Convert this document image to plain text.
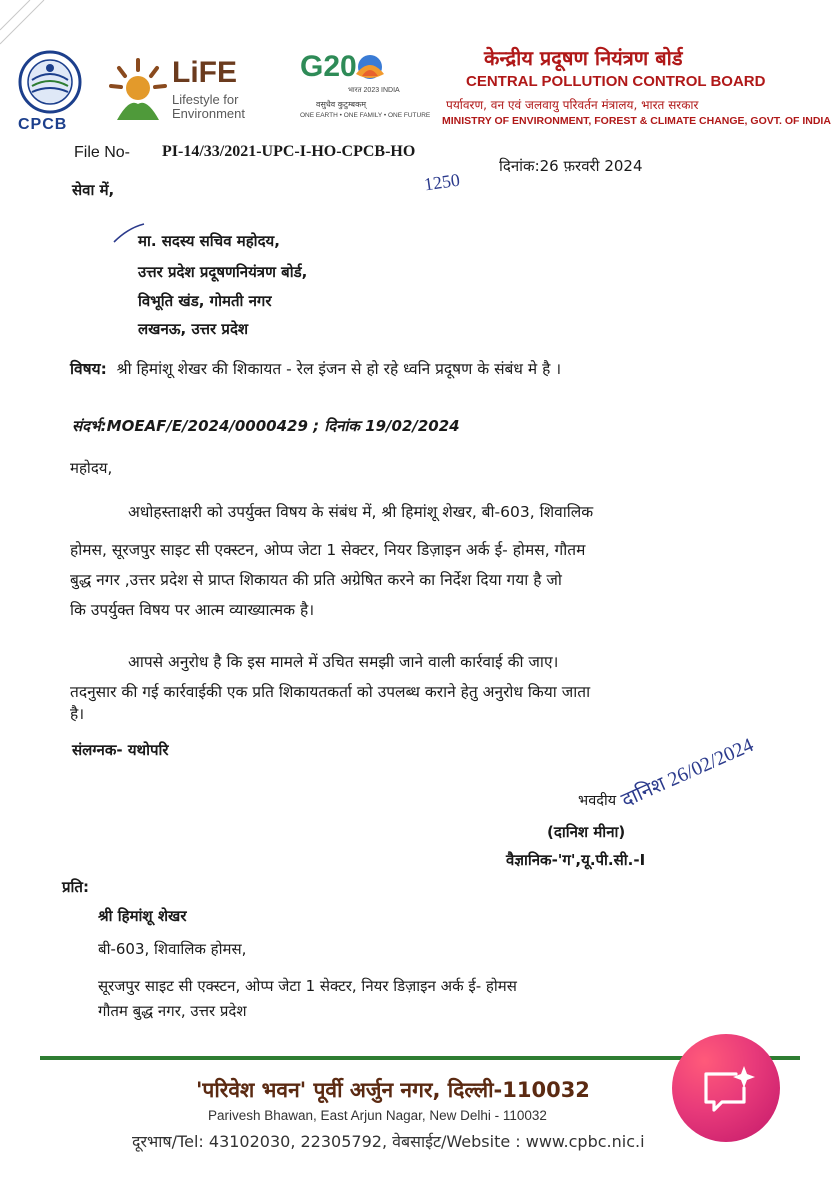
CPCB
LiFE
Lifestyle for
Environment
G20
भारत 2023 INDIA
वसुधैव कुटुम्बकम्
ONE EARTH • ONE FAMILY • ONE FUTURE
केन्द्रीय प्रदूषण नियंत्रण बोर्ड
CENTRAL POLLUTION CONTROL BOARD
पर्यावरण, वन एवं जलवायु परिवर्तन मंत्रालय, भारत सरकार
MINISTRY OF ENVIRONMENT, FOREST & CLIMATE CHANGE, GOVT. OF INDIA
File No- PI-14/33/2021-UPC-I-HO-CPCB-HO
दिनांक:26 फ़रवरी 2024
1250
सेवा में,
मा. सदस्य सचिव महोदय,
उत्तर प्रदेश प्रदूषणनियंत्रण बोर्ड,
विभूति खंड, गोमती नगर
लखनऊ, उत्तर प्रदेश
विषय: श्री हिमांशू शेखर की शिकायत - रेल इंजन से हो रहे ध्वनि प्रदूषण के संबंध मे है ।
संदर्भ:MOEAF/E/2024/0000429 ; दिनांक 19/02/2024
महोदय,
अधोहस्ताक्षरी को उपर्युक्त विषय के संबंध में, श्री हिमांशू शेखर, बी-603, शिवालिक
होमस, सूरजपुर साइट सी एक्स्टन, ओप्प जेटा 1 सेक्टर, नियर डिज़ाइन अर्क ई- होमस, गौतम
बुद्ध नगर ,उत्तर प्रदेश से प्राप्त शिकायत की प्रति अग्रेषित करने का निर्देश दिया गया है जो
कि उपर्युक्त विषय पर आत्म व्याख्यात्मक है।
आपसे अनुरोध है कि इस मामले में उचित समझी जाने वाली कार्रवाई की जाए।
तदनुसार की गई कार्रवाईकी एक प्रति शिकायतकर्ता को उपलब्ध कराने हेतु अनुरोध किया जाता
है।
संलग्नक- यथोपरि	दानिश 26/02/2024
भवदीय
(दानिश मीना)
वैज्ञानिक-'ग',यू.पी.सी.-I
प्रति:
श्री हिमांशू शेखर
बी-603, शिवालिक होमस,
सूरजपुर साइट सी एक्स्टन, ओप्प जेटा 1 सेक्टर, नियर डिज़ाइन अर्क ई- होमस
गौतम बुद्ध नगर, उत्तर प्रदेश
'परिवेश भवन' पूर्वी अर्जुन नगर, दिल्ली-110032
Parivesh Bhawan, East Arjun Nagar, New Delhi - 110032
दूरभाष/Tel: 43102030, 22305792, वेबसाईट/Website : www.cpbc.nic.i
